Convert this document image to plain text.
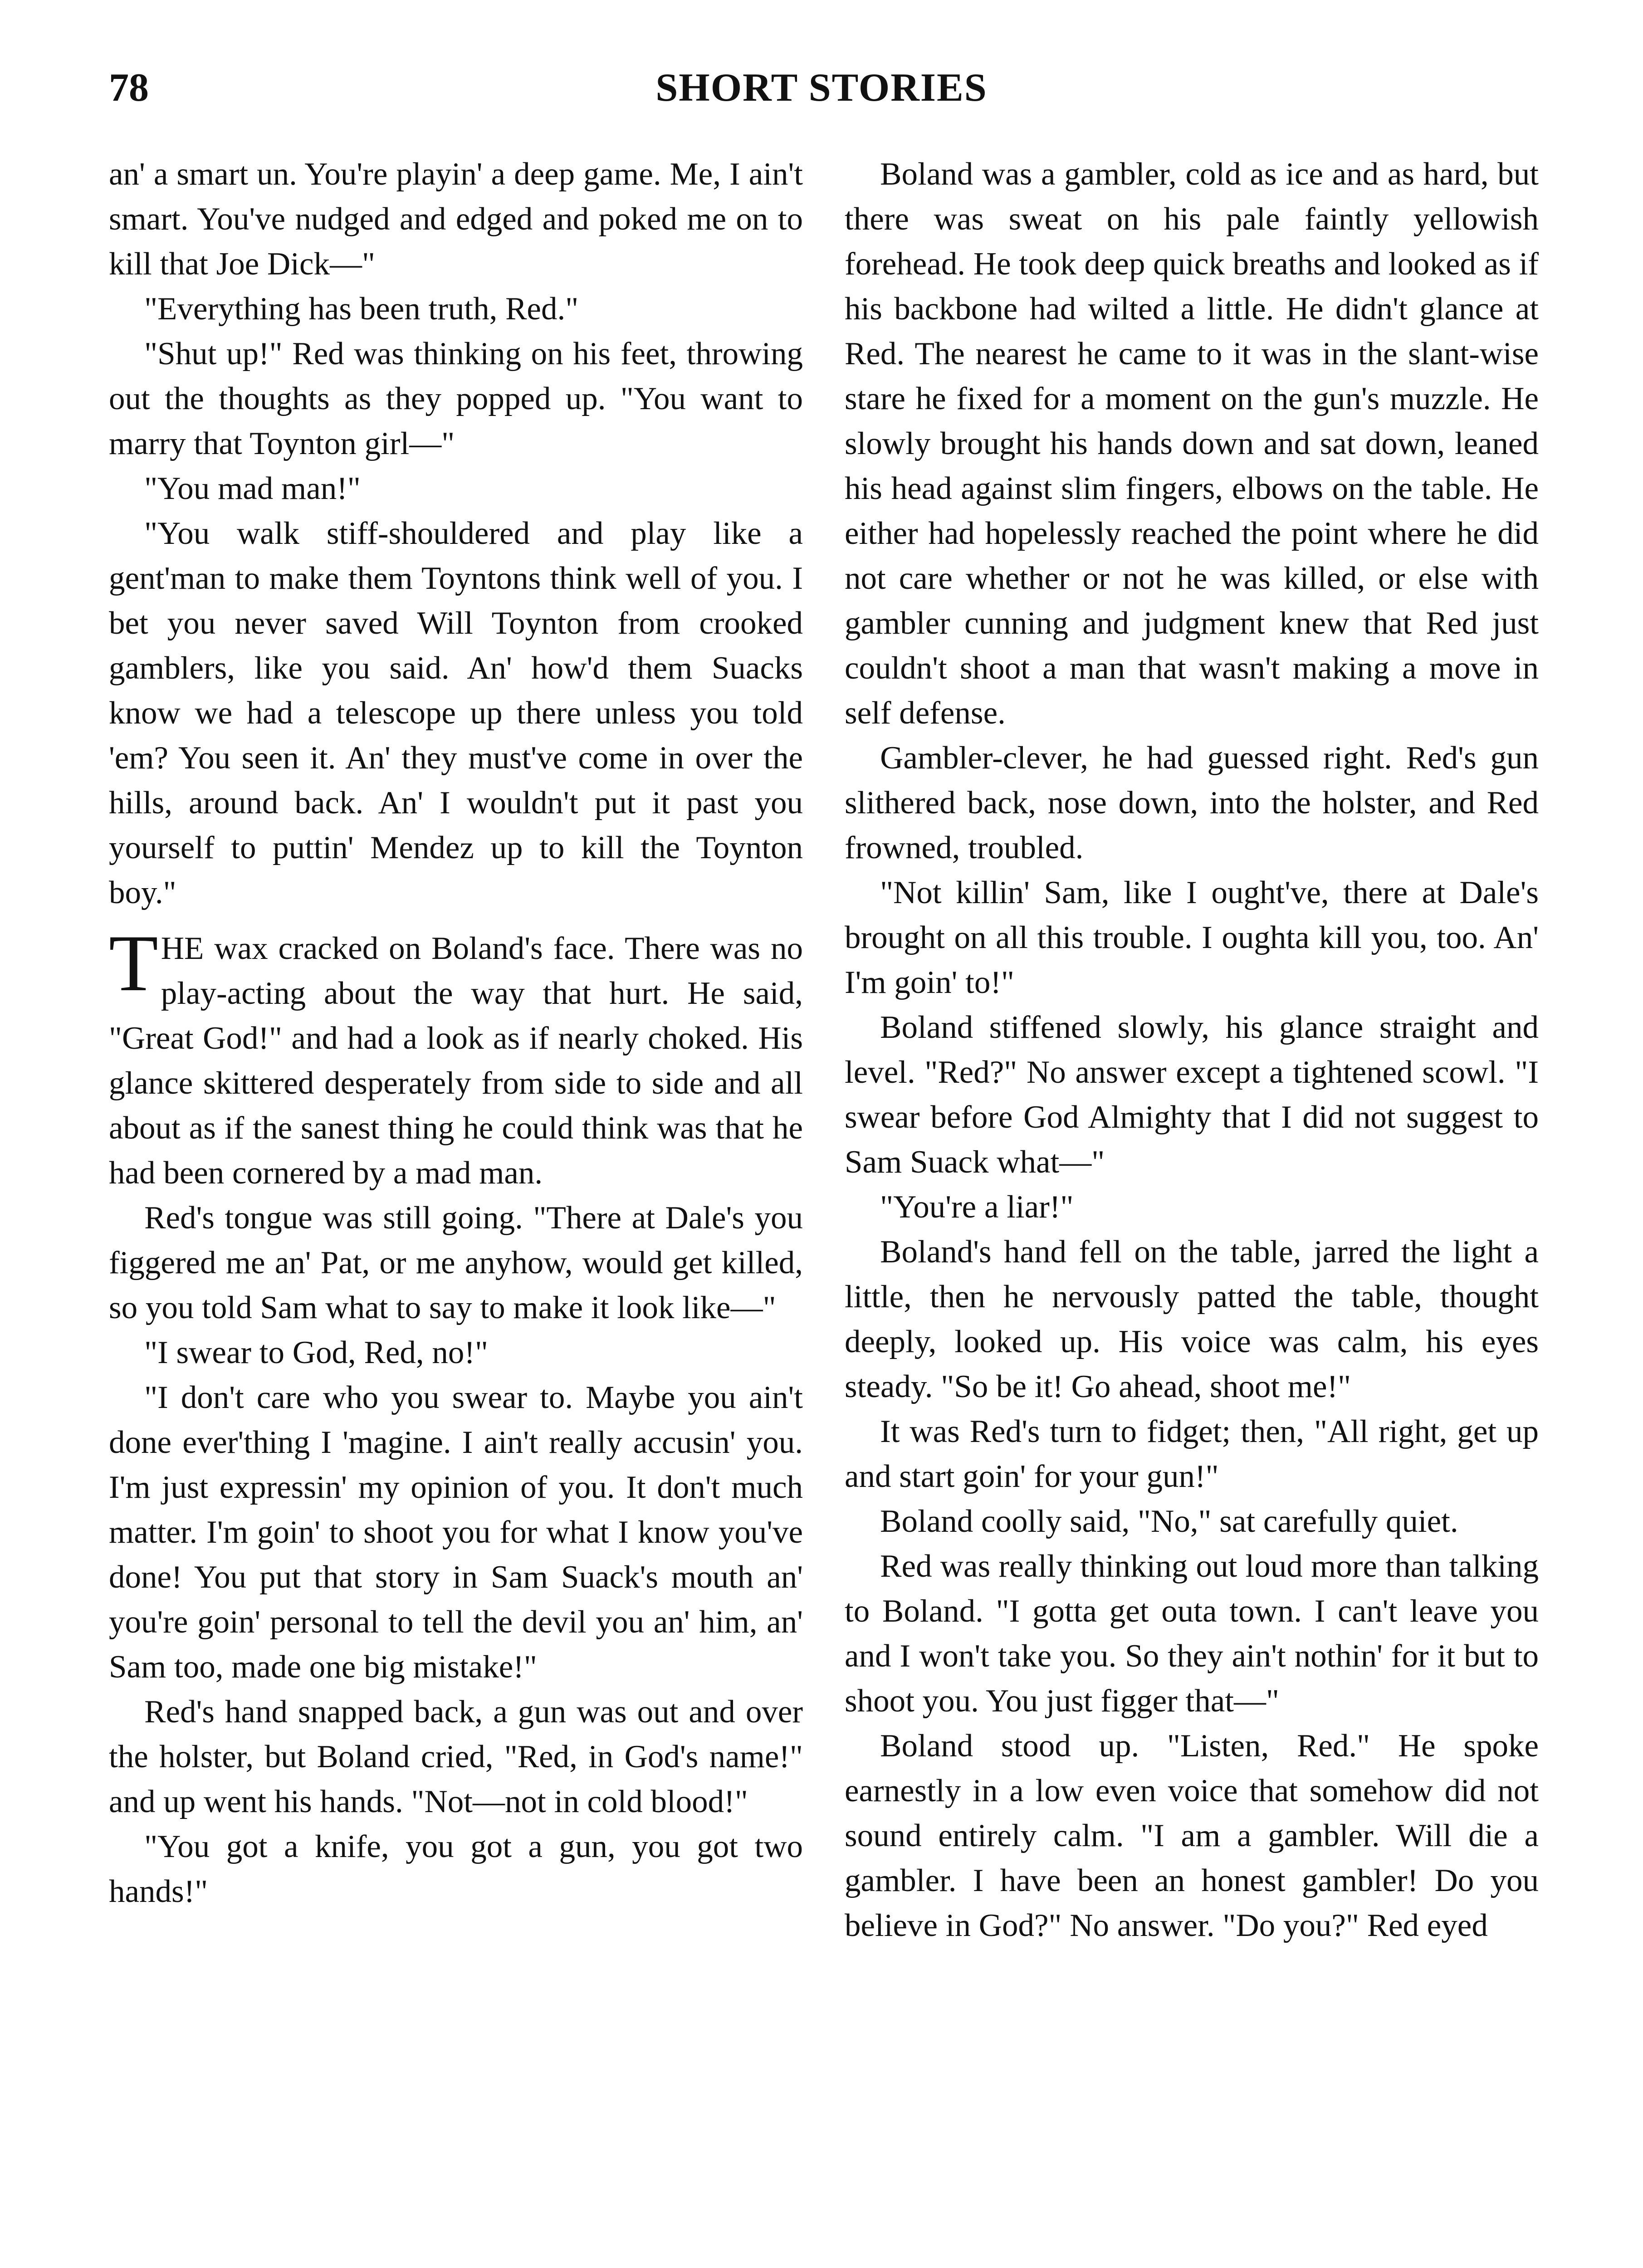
78	SHORT STORIES

an' a smart un. You're playin' a deep game. Me, I ain't smart. You've nudged and edged and poked me on to kill that Joe Dick—"

"Everything has been truth, Red."

"Shut up!" Red was thinking on his feet, throwing out the thoughts as they popped up. "You want to marry that Toynton girl—"

"You mad man!"

"You walk stiff-shouldered and play like a gent'man to make them Toyntons think well of you. I bet you never saved Will Toynton from crooked gamblers, like you said. An' how'd them Suacks know we had a telescope up there unless you told 'em? You seen it. An' they must've come in over the hills, around back. An' I wouldn't put it past you yourself to puttin' Mendez up to kill the Toynton boy."

THE wax cracked on Boland's face. There was no play-acting about the way that hurt. He said, "Great God!" and had a look as if nearly choked. His glance skittered desperately from side to side and all about as if the sanest thing he could think was that he had been cornered by a mad man.

Red's tongue was still going. "There at Dale's you figgered me an' Pat, or me anyhow, would get killed, so you told Sam what to say to make it look like—"

"I swear to God, Red, no!"

"I don't care who you swear to. Maybe you ain't done ever'thing I 'magine. I ain't really accusin' you. I'm just expressin' my opinion of you. It don't much matter. I'm goin' to shoot you for what I know you've done! You put that story in Sam Suack's mouth an' you're goin' personal to tell the devil you an' him, an' Sam too, made one big mistake!"

Red's hand snapped back, a gun was out and over the holster, but Boland cried, "Red, in God's name!" and up went his hands. "Not—not in cold blood!"

"You got a knife, you got a gun, you got two hands!"

Boland was a gambler, cold as ice and as hard, but there was sweat on his pale faintly yellowish forehead. He took deep quick breaths and looked as if his backbone had wilted a little. He didn't glance at Red. The nearest he came to it was in the slant-wise stare he fixed for a moment on the gun's muzzle. He slowly brought his hands down and sat down, leaned his head against slim fingers, elbows on the table. He either had hopelessly reached the point where he did not care whether or not he was killed, or else with gambler cunning and judgment knew that Red just couldn't shoot a man that wasn't making a move in self defense.

Gambler-clever, he had guessed right. Red's gun slithered back, nose down, into the holster, and Red frowned, troubled.

"Not killin' Sam, like I ought've, there at Dale's brought on all this trouble. I oughta kill you, too. An' I'm goin' to!"

Boland stiffened slowly, his glance straight and level. "Red?" No answer except a tightened scowl. "I swear before God Almighty that I did not suggest to Sam Suack what—"

"You're a liar!"

Boland's hand fell on the table, jarred the light a little, then he nervously patted the table, thought deeply, looked up. His voice was calm, his eyes steady. "So be it! Go ahead, shoot me!"

It was Red's turn to fidget; then, "All right, get up and start goin' for your gun!"

Boland coolly said, "No," sat carefully quiet.

Red was really thinking out loud more than talking to Boland. "I gotta get outa town. I can't leave you and I won't take you. So they ain't nothin' for it but to shoot you. You just figger that—"

Boland stood up. "Listen, Red." He spoke earnestly in a low even voice that somehow did not sound entirely calm. "I am a gambler. Will die a gambler. I have been an honest gambler! Do you believe in God?" No answer. "Do you?" Red eyed
